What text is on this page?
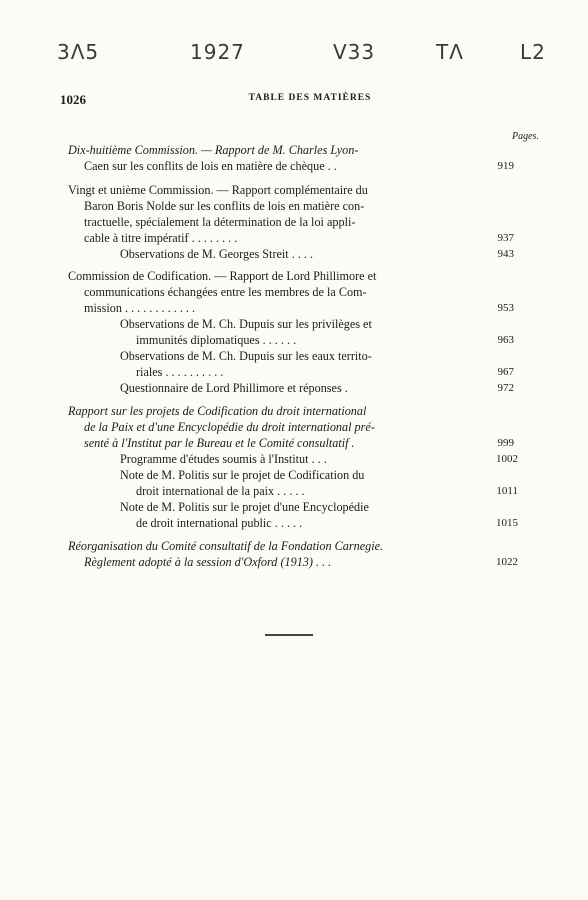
3Λ5	1927	V33	TΛ	L2
1026	TABLE DES MATIÈRES
Pages.
Dix-huitième Commission. — Rapport de M. Charles Lyon-
Caen sur les conflits de lois en matière de chèque . .	919
Vingt et unième Commission. — Rapport complémentaire du
Baron Boris Nolde sur les conflits de lois en matière con-
tractuelle, spécialement la détermination de la loi appli-
cable à titre impératif . . . . . . . .	937
Observations de M. Georges Streit . . . .	943
Commission de Codification. — Rapport de Lord Phillimore et
communications échangées entre les membres de la Com-
mission . . . . . . . . . . . .	953
Observations de M. Ch. Dupuis sur les privilèges et
immunités diplomatiques . . . . . .	963
Observations de M. Ch. Dupuis sur les eaux territo-
riales . . . . . . . . . .	967
Questionnaire de Lord Phillimore et réponses .	972
Rapport sur les projets de Codification du droit international
de la Paix et d'une Encyclopédie du droit international pré-
senté à l'Institut par le Bureau et le Comité consultatif .	999
Programme d'études soumis à l'Institut . . .	1002
Note de M. Politis sur le projet de Codification du
droit international de la paix . . . . .	1011
Note de M. Politis sur le projet d'une Encyclopédie
de droit international public . . . . .	1015
Réorganisation du Comité consultatif de la Fondation Carnegie.
Règlement adopté à la session d'Oxford (1913) . . .	1022
